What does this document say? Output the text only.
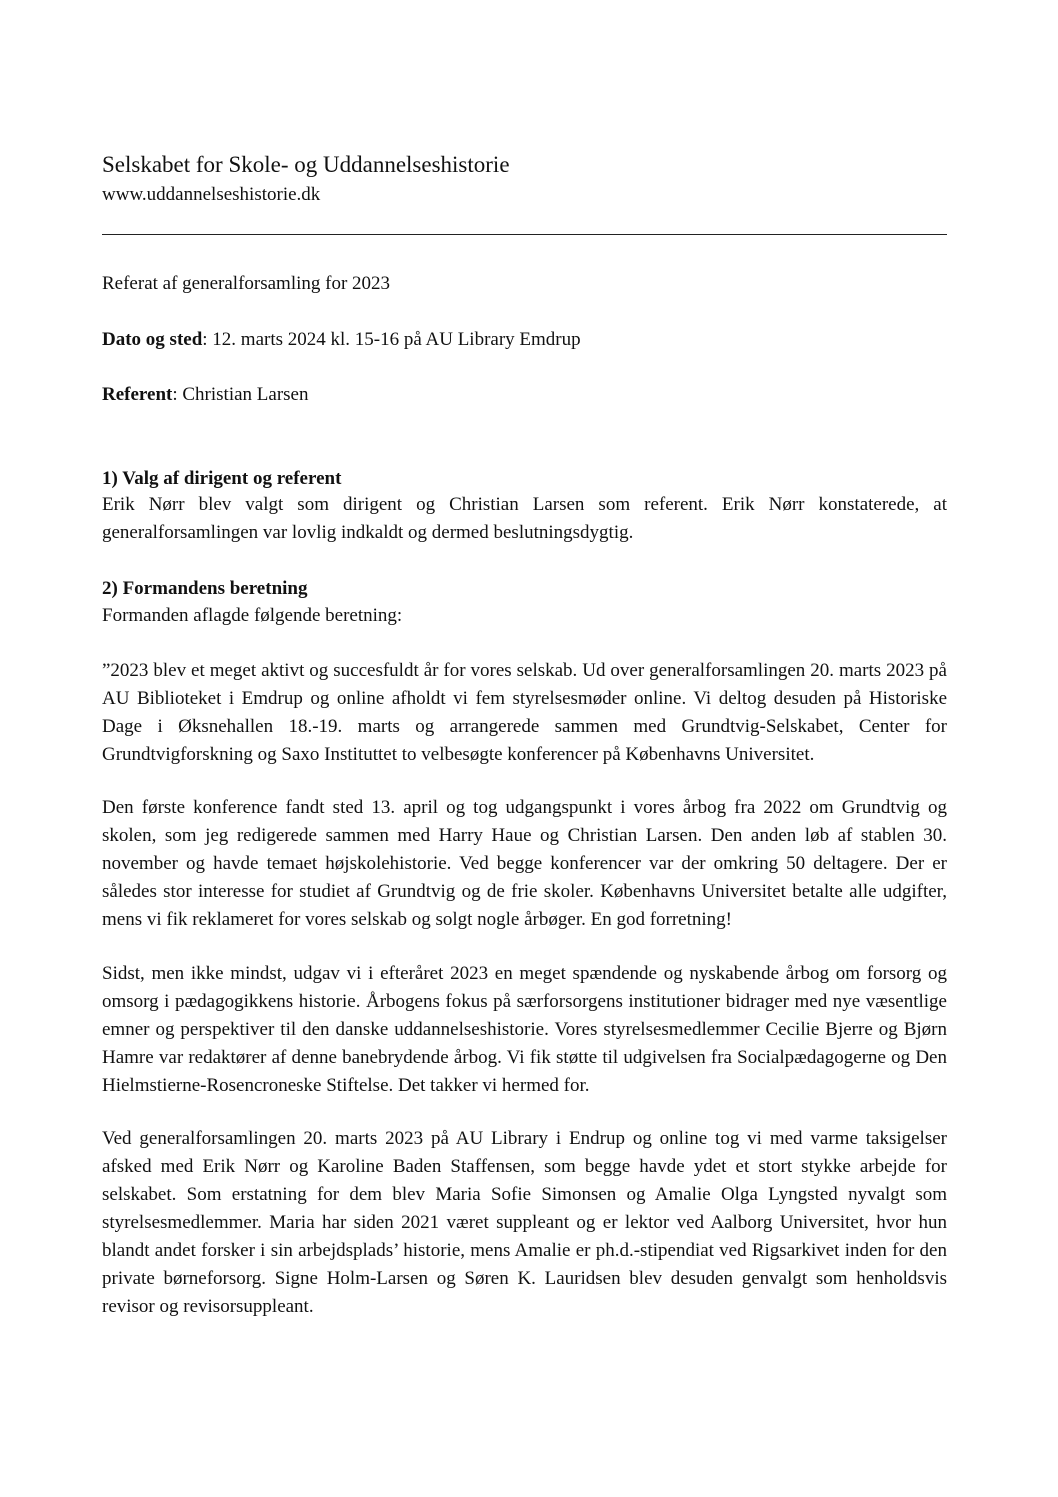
Selskabet for Skole- og Uddannelseshistorie
www.uddannelseshistorie.dk
Referat af generalforsamling for 2023
Dato og sted: 12. marts 2024 kl. 15-16 på AU Library Emdrup
Referent: Christian Larsen
1) Valg af dirigent og referent
Erik Nørr blev valgt som dirigent og Christian Larsen som referent. Erik Nørr konstaterede, at generalforsamlingen var lovlig indkaldt og dermed beslutningsdygtig.
2) Formandens beretning
Formanden aflagde følgende beretning:
”2023 blev et meget aktivt og succesfuldt år for vores selskab. Ud over generalforsamlingen 20. marts 2023 på AU Biblioteket i Emdrup og online afholdt vi fem styrelsesmøder online. Vi deltog desuden på Historiske Dage i Øksnehallen 18.-19. marts og arrangerede sammen med Grundtvig-Selskabet, Center for Grundtvigforskning og Saxo Instituttet to velbesøgte konferencer på Københavns Universitet.
Den første konference fandt sted 13. april og tog udgangspunkt i vores årbog fra 2022 om Grundtvig og skolen, som jeg redigerede sammen med Harry Haue og Christian Larsen. Den anden løb af stablen 30. november og havde temaet højskolehistorie. Ved begge konferencer var der omkring 50 deltagere. Der er således stor interesse for studiet af Grundtvig og de frie skoler. Københavns Universitet betalte alle udgifter, mens vi fik reklameret for vores selskab og solgt nogle årbøger. En god forretning!
Sidst, men ikke mindst, udgav vi i efteråret 2023 en meget spændende og nyskabende årbog om forsorg og omsorg i pædagogikkens historie. Årbogens fokus på særforsorgens institutioner bidrager med nye væsentlige emner og perspektiver til den danske uddannelseshistorie. Vores styrelsesmedlemmer Cecilie Bjerre og Bjørn Hamre var redaktører af denne banebrydende årbog. Vi fik støtte til udgivelsen fra Socialpædagogerne og Den Hielmstierne-Rosencroneske Stiftelse. Det takker vi hermed for.
Ved generalforsamlingen 20. marts 2023 på AU Library i Endrup og online tog vi med varme taksigelser afsked med Erik Nørr og Karoline Baden Staffensen, som begge havde ydet et stort stykke arbejde for selskabet. Som erstatning for dem blev Maria Sofie Simonsen og Amalie Olga Lyngsted nyvalgt som styrelsesmedlemmer. Maria har siden 2021 været suppleant og er lektor ved Aalborg Universitet, hvor hun blandt andet forsker i sin arbejdsplads’ historie, mens Amalie er ph.d.-stipendiat ved Rigsarkivet inden for den private børneforsorg. Signe Holm-Larsen og Søren K. Lauridsen blev desuden genvalgt som henholdsvis revisor og revisorsuppleant.
